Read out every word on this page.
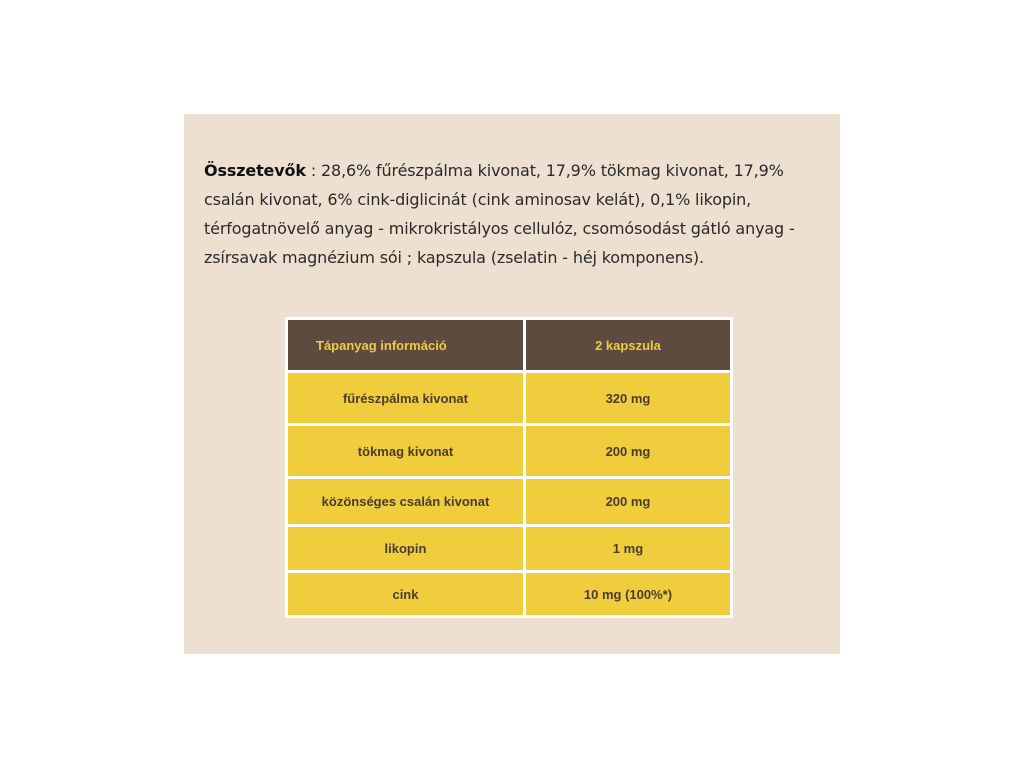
Összetevők : 28,6% fűrészpálma kivonat, 17,9% tökmag kivonat, 17,9% csalán kivonat, 6% cink-diglicinát (cink aminosav kelát), 0,1% likopin, térfogatnövelő anyag - mikrokristályos cellulóz, csomósodást gátló anyag - zsírsavak magnézium sói ; kapszula (zselatin - héj komponens).

Tápanyag információ	2 kapszula
fűrészpálma kivonat	320 mg
tökmag kivonat	200 mg
közönséges csalán kivonat	200 mg
likopin	1 mg
cink	10 mg (100%*)
